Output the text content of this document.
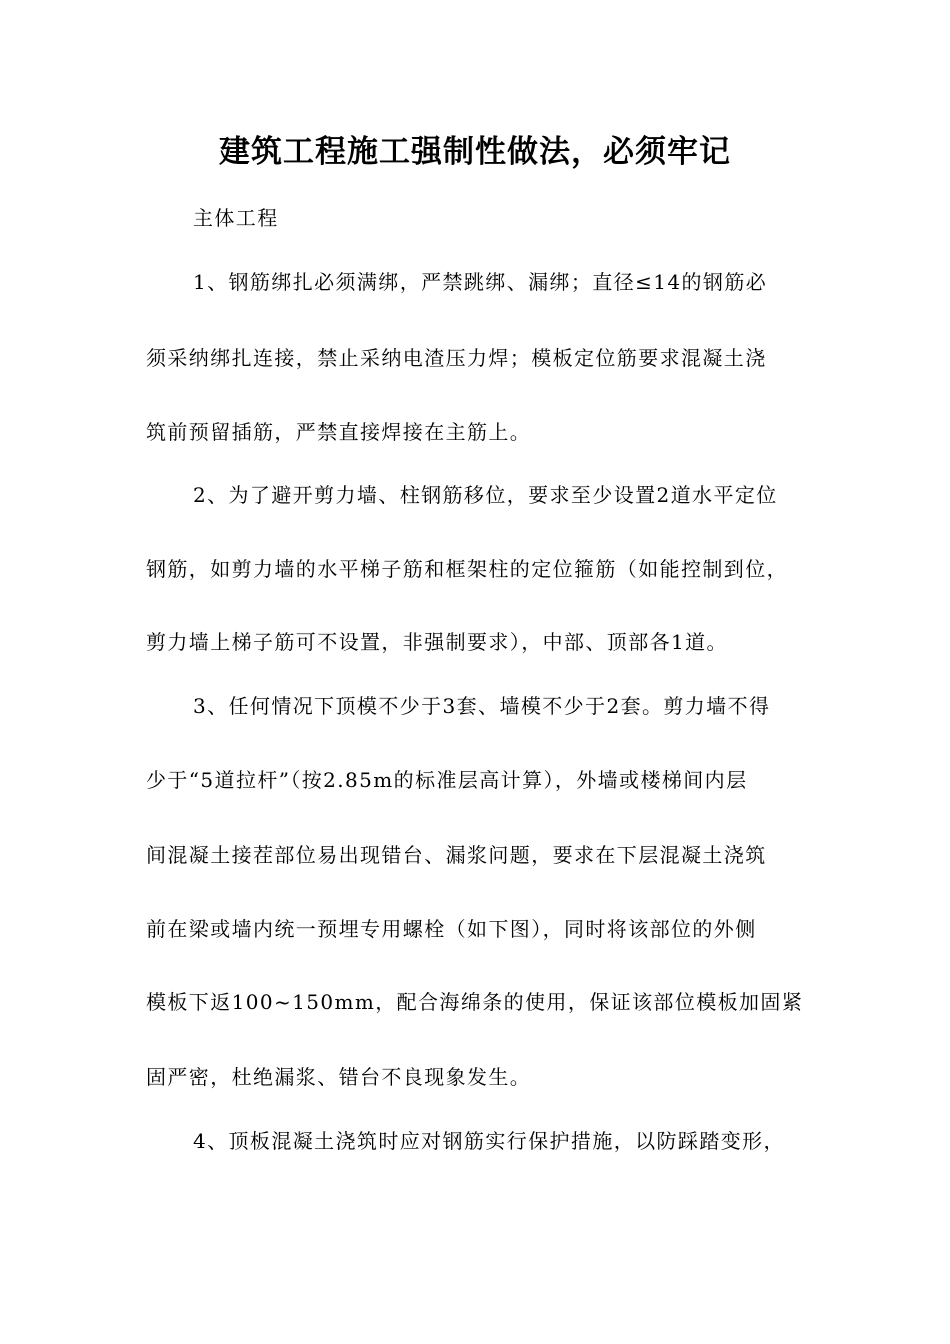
建筑工程施工强制性做法，必须牢记
主体工程
1、钢筋绑扎必须满绑，严禁跳绑、漏绑；直径≤14的钢筋必
须采纳绑扎连接，禁止采纳电渣压力焊；模板定位筋要求混凝土浇
筑前预留插筋，严禁直接焊接在主筋上。
2、为了避开剪力墙、柱钢筋移位，要求至少设置2道水平定位
钢筋，如剪力墙的水平梯子筋和框架柱的定位箍筋（如能控制到位，
剪力墙上梯子筋可不设置，非强制要求），中部、顶部各1道。
3、任何情况下顶模不少于3套、墙模不少于2套。剪力墙不得
少于“5道拉杆”（按2.85m的标准层高计算），外墙或楼梯间内层
间混凝土接茬部位易出现错台、漏浆问题，要求在下层混凝土浇筑
前在梁或墙内统一预埋专用螺栓（如下图），同时将该部位的外侧
模板下返100~150mm，配合海绵条的使用，保证该部位模板加固紧
固严密，杜绝漏浆、错台不良现象发生。
4、顶板混凝土浇筑时应对钢筋实行保护措施，以防踩踏变形，
